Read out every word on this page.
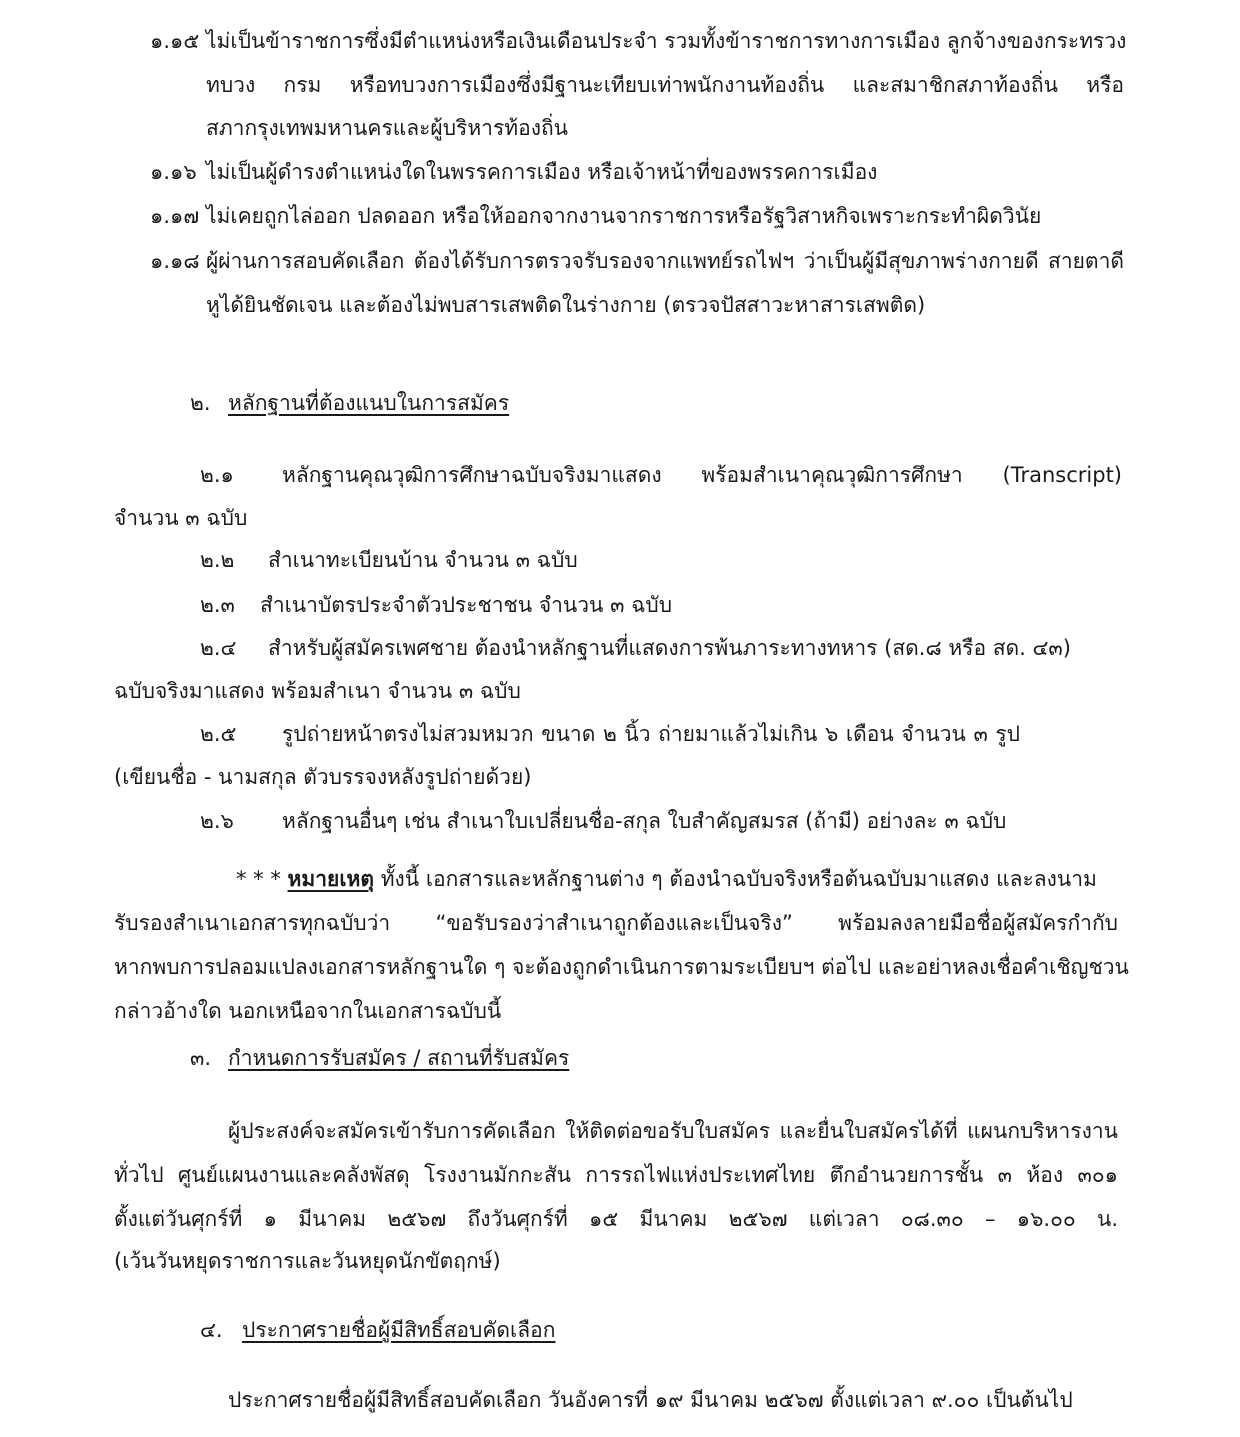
๑.๑๕ ไม่เป็นข้าราชการซึ่งมีตำแหน่งหรือเงินเดือนประจำ รวมทั้งข้าราชการทางการเมือง ลูกจ้างของกระทรวง
ทบวง กรม หรือทบวงการเมืองซึ่งมีฐานะเทียบเท่าพนักงานท้องถิ่น และสมาชิกสภาท้องถิ่น หรือ
สภากรุงเทพมหานครและผู้บริหารท้องถิ่น
๑.๑๖ ไม่เป็นผู้ดำรงตำแหน่งใดในพรรคการเมือง หรือเจ้าหน้าที่ของพรรคการเมือง
๑.๑๗ ไม่เคยถูกไล่ออก ปลดออก หรือให้ออกจากงานจากราชการหรือรัฐวิสาหกิจเพราะกระทำผิดวินัย
๑.๑๘ ผู้ผ่านการสอบคัดเลือก ต้องได้รับการตรวจรับรองจากแพทย์รถไฟฯ ว่าเป็นผู้มีสุขภาพร่างกายดี สายตาดี
หูได้ยินชัดเจน และต้องไม่พบสารเสพติดในร่างกาย (ตรวจปัสสาวะหาสารเสพติด)
๒. หลักฐานที่ต้องแนบในการสมัคร
๒.๑ หลักฐานคุณวุฒิการศึกษาฉบับจริงมาแสดง พร้อมสำเนาคุณวุฒิการศึกษา (Transcript)
จำนวน ๓ ฉบับ
๒.๒ สำเนาทะเบียนบ้าน จำนวน ๓ ฉบับ
๒.๓ สำเนาบัตรประจำตัวประชาชน จำนวน ๓ ฉบับ
๒.๔ สำหรับผู้สมัครเพศชาย ต้องนำหลักฐานที่แสดงการพ้นภาระทางทหาร (สด.๘ หรือ สด. ๔๓)
ฉบับจริงมาแสดง พร้อมสำเนา จำนวน ๓ ฉบับ
๒.๕ รูปถ่ายหน้าตรงไม่สวมหมวก ขนาด ๒ นิ้ว ถ่ายมาแล้วไม่เกิน ๖ เดือน จำนวน ๓ รูป
(เขียนชื่อ - นามสกุล ตัวบรรจงหลังรูปถ่ายด้วย)
๒.๖ หลักฐานอื่นๆ เช่น สำเนาใบเปลี่ยนชื่อ-สกุล ใบสำคัญสมรส (ถ้ามี) อย่างละ ๓ ฉบับ
* * * หมายเหตุ ทั้งนี้ เอกสารและหลักฐานต่าง ๆ ต้องนำฉบับจริงหรือต้นฉบับมาแสดง และลงนาม
รับรองสำเนาเอกสารทุกฉบับว่า “ขอรับรองว่าสำเนาถูกต้องและเป็นจริง” พร้อมลงลายมือชื่อผู้สมัครกำกับ
หากพบการปลอมแปลงเอกสารหลักฐานใด ๆ จะต้องถูกดำเนินการตามระเบียบฯ ต่อไป และอย่าหลงเชื่อคำเชิญชวน
กล่าวอ้างใด นอกเหนือจากในเอกสารฉบับนี้
๓. กำหนดการรับสมัคร / สถานที่รับสมัคร
ผู้ประสงค์จะสมัครเข้ารับการคัดเลือก ให้ติดต่อขอรับใบสมัคร และยื่นใบสมัครได้ที่ แผนกบริหารงาน
ทั่วไป ศูนย์แผนงานและคลังพัสดุ โรงงานมักกะสัน การรถไฟแห่งประเทศไทย ตึกอำนวยการชั้น ๓ ห้อง ๓๐๑
ตั้งแต่วันศุกร์ที่ ๑ มีนาคม ๒๕๖๗ ถึงวันศุกร์ที่ ๑๕ มีนาคม ๒๕๖๗ แต่เวลา ๐๘.๓๐ – ๑๖.๐๐ น.
(เว้นวันหยุดราชการและวันหยุดนักขัตฤกษ์)
๔. ประกาศรายชื่อผู้มีสิทธิ์สอบคัดเลือก
ประกาศรายชื่อผู้มีสิทธิ์สอบคัดเลือก วันอังคารที่ ๑๙ มีนาคม ๒๕๖๗ ตั้งแต่เวลา ๙.๐๐ เป็นต้นไป
